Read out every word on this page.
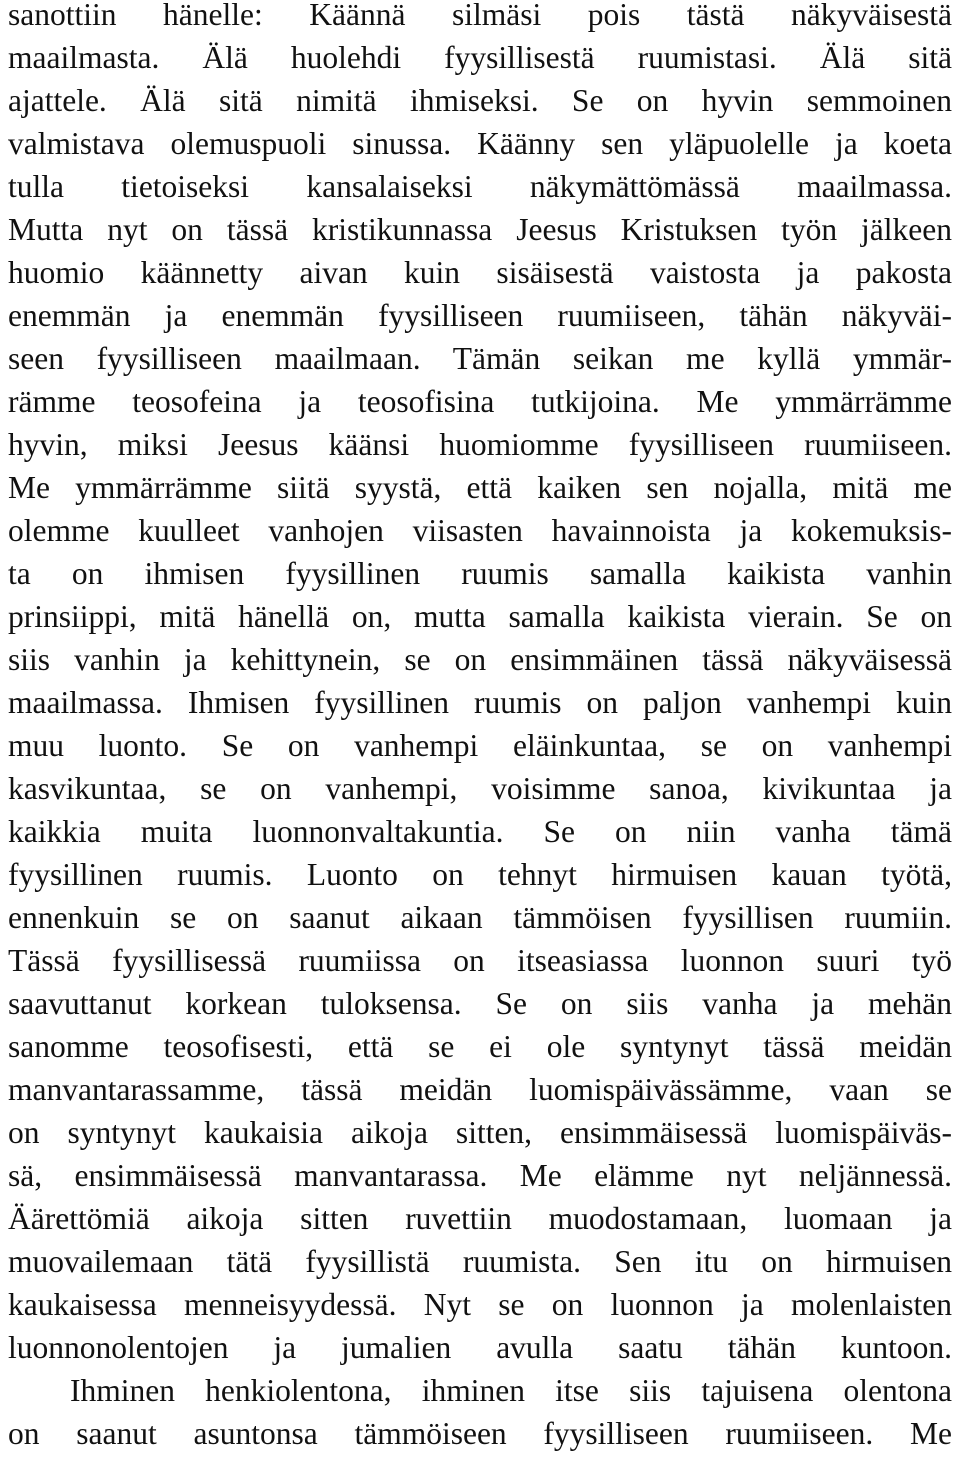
sanottiin hänelle: Käännä silmäsi pois tästä näkyväisestä
maailmasta. Älä huolehdi fyysillisestä ruumistasi. Älä sitä
ajattele. Älä sitä nimitä ihmiseksi. Se on hyvin semmoinen
valmistava olemuspuoli sinussa. Käänny sen yläpuolelle ja koeta
tulla tietoiseksi kansalaiseksi näkymättömässä maailmassa.
Mutta nyt on tässä kristikunnassa Jeesus Kristuksen työn jälkeen
huomio käännetty aivan kuin sisäisestä vaistosta ja pakosta
enemmän ja enemmän fyysilliseen ruumiiseen, tähän näkyväi-
seen fyysilliseen maailmaan. Tämän seikan me kyllä ymmär-
rämme teosofeina ja teosofisina tutkijoina. Me ymmärrämme
hyvin, miksi Jeesus käänsi huomiomme fyysilliseen ruumiiseen.
Me ymmärrämme siitä syystä, että kaiken sen nojalla, mitä me
olemme kuulleet vanhojen viisasten havainnoista ja kokemuksis-
ta on ihmisen fyysillinen ruumis samalla kaikista vanhin
prinsiippi, mitä hänellä on, mutta samalla kaikista vierain. Se on
siis vanhin ja kehittynein, se on ensimmäinen tässä näkyväisessä
maailmassa. Ihmisen fyysillinen ruumis on paljon vanhempi kuin
muu luonto. Se on vanhempi eläinkuntaa, se on vanhempi
kasvikuntaa, se on vanhempi, voisimme sanoa, kivikuntaa ja
kaikkia muita luonnonvaltakuntia. Se on niin vanha tämä
fyysillinen ruumis. Luonto on tehnyt hirmuisen kauan työtä,
ennenkuin se on saanut aikaan tämmöisen fyysillisen ruumiin.
Tässä fyysillisessä ruumiissa on itseasiassa luonnon suuri työ
saavuttanut korkean tuloksensa. Se on siis vanha ja mehän
sanomme teosofisesti, että se ei ole syntynyt tässä meidän
manvantarassamme, tässä meidän luomispäivässämme, vaan se
on syntynyt kaukaisia aikoja sitten, ensimmäisessä luomispäiväs-
sä, ensimmäisessä manvantarassa. Me elämme nyt neljännessä.
Äärettömiä aikoja sitten ruvettiin muodostamaan, luomaan ja
muovailemaan tätä fyysillistä ruumista. Sen itu on hirmuisen
kaukaisessa menneisyydessä. Nyt se on luonnon ja molenlaisten
luonnonolentojen ja jumalien avulla saatu tähän kuntoon.
Ihminen henkiolentona, ihminen itse siis tajuisena olentona
on saanut asuntonsa tämmöiseen fyysilliseen ruumiiseen. Me
